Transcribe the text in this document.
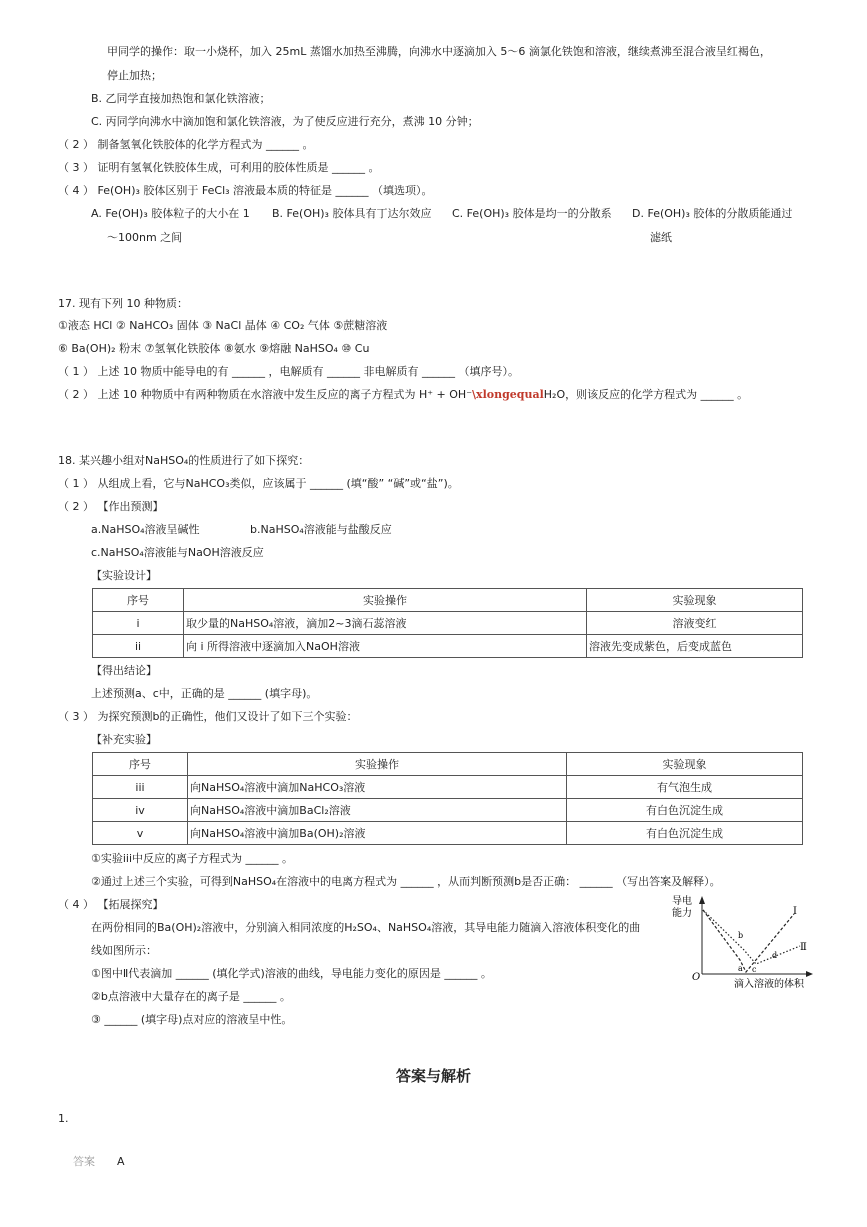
甲同学的操作：取一小烧杯，加入 25mL 蒸馏水加热至沸腾，向沸水中逐滴加入 5～6 滴氯化铁饱和溶液，继续煮沸至混合液呈红褐色，
停止加热；
B. 乙同学直接加热饱和氯化铁溶液；
C. 丙同学向沸水中滴加饱和氯化铁溶液，为了使反应进行充分，煮沸 10 分钟；
（ 2 ） 制备氢氧化铁胶体的化学方程式为 ______ 。
（ 3 ） 证明有氢氧化铁胶体生成，可利用的胶体性质是 ______ 。
（ 4 ） Fe(OH)₃ 胶体区别于 FeCl₃ 溶液最本质的特征是 ______ （填选项）。
A. Fe(OH)₃ 胶体粒子的大小在 1
～100nm 之间
B. Fe(OH)₃ 胶体具有丁达尔效应 C. Fe(OH)₃ 胶体是均一的分散系 D. Fe(OH)₃ 胶体的分散质能通过
滤纸
17. 现有下列 10 种物质：
①液态 HCl ② NaHCO₃ 固体 ③ NaCl 晶体 ④ CO₂ 气体 ⑤蔗糖溶液
⑥ Ba(OH)₂ 粉末 ⑦氢氧化铁胶体 ⑧氨水 ⑨熔融 NaHSO₄ ⑩ Cu
（ 1 ） 上述 10 物质中能导电的有 ______ ，电解质有 ______ 非电解质有 ______ （填序号）。
（ 2 ） 上述 10 种物质中有两种物质在水溶液中发生反应的离子方程式为 H⁺ + OH⁻\xlongequalH₂O，则该反应的化学方程式为 ______ 。
18. 某兴趣小组对NaHSO₄的性质进行了如下探究：
（ 1 ） 从组成上看，它与NaHCO₃类似，应该属于 ______ (填“酸” “碱”或“盐”)。
（ 2 ） 【作出预测】
a.NaHSO₄溶液呈碱性	b.NaHSO₄溶液能与盐酸反应
c.NaHSO₄溶液能与NaOH溶液反应
【实验设计】
序号	实验操作	实验现象
i	取少量的NaHSO₄溶液，滴加2~3滴石蕊溶液	溶液变红
ii	向 i 所得溶液中逐滴加入NaOH溶液	溶液先变成紫色，后变成蓝色
【得出结论】
上述预测a、c中，正确的是 ______ (填字母)。
（ 3 ） 为探究预测b的正确性，他们又设计了如下三个实验：
【补充实验】
序号	实验操作	实验现象
iii	向NaHSO₄溶液中滴加NaHCO₃溶液	有气泡生成
iv	向NaHSO₄溶液中滴加BaCl₂溶液	有白色沉淀生成
v	向NaHSO₄溶液中滴加Ba(OH)₂溶液	有白色沉淀生成
①实验iii中反应的离子方程式为 ______ 。
②通过上述三个实验，可得到NaHSO₄在溶液中的电离方程式为 ______ ，从而判断预测b是否正确： ______ （写出答案及解释）。
（ 4 ） 【拓展探究】
在两份相同的Ba(OH)₂溶液中，分别滴入相同浓度的H₂SO₄、NaHSO₄溶液，其导电能力随滴入溶液体积变化的曲
线如图所示：
①图中Ⅱ代表滴加 ______ (填化学式)溶液的曲线，导电能力变化的原因是 ______ 。
②b点溶液中大量存在的离子是 ______ 。
③ ______ (填字母)点对应的溶液呈中性。
导电
能力
O
滴入溶液的体积
Ⅰ
Ⅱ
a
b
c
d
答案与解析
1.
答案 A
